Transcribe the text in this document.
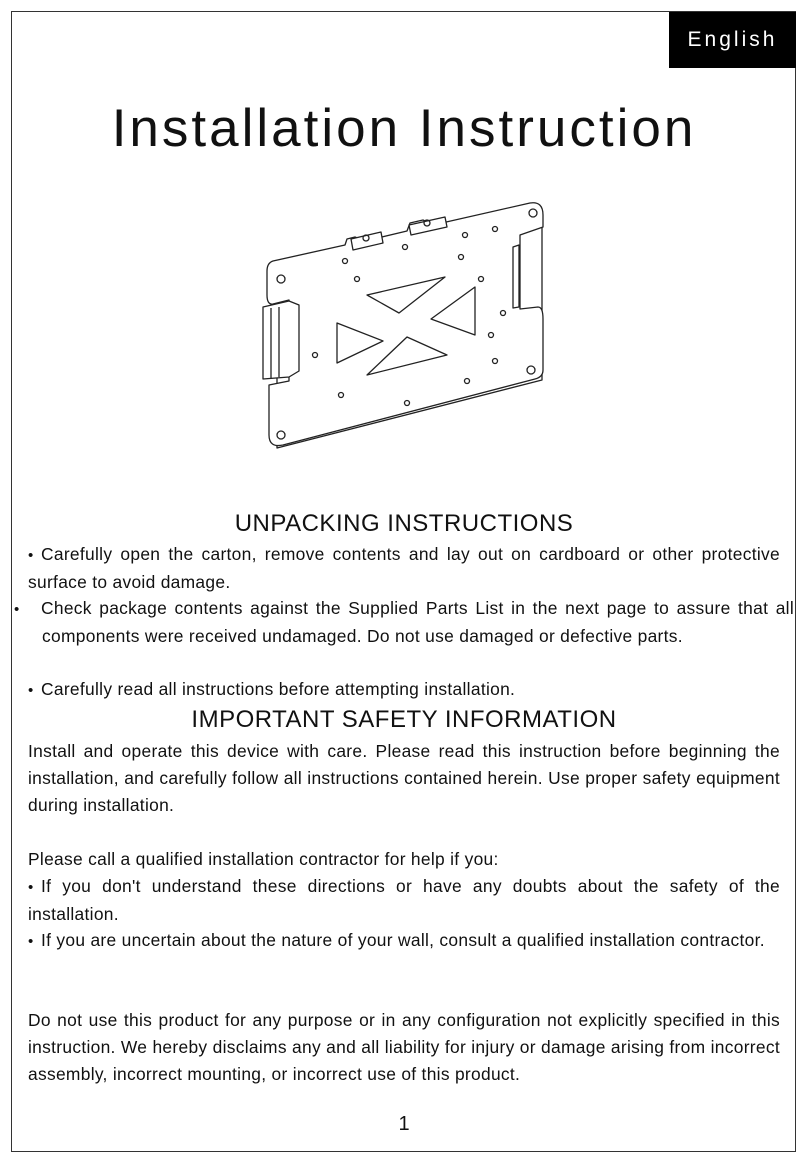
English
Installation Instruction
UNPACKING INSTRUCTIONS

• Carefully open the carton, remove contents and lay out on cardboard or other protective surface to avoid damage.

• Check package contents against the Supplied Parts List in the next page to assure that all components were received undamaged. Do not use damaged or defective parts.

• Carefully read all instructions before attempting installation.

IMPORTANT SAFETY INFORMATION

Install and operate this device with care. Please read this instruction before beginning the installation, and carefully follow all instructions contained herein. Use proper safety equipment during installation.

Please call a qualified installation contractor for help if you:

• If you don't understand these directions or have any doubts about the safety of the installation.

• If you are uncertain about the nature of your wall, consult a qualified installation contractor.

Do not use this product for any purpose or in any configuration not explicitly specified in this instruction. We hereby disclaims any and all liability for injury or damage arising from incorrect assembly, incorrect mounting, or incorrect use of this product.

1
